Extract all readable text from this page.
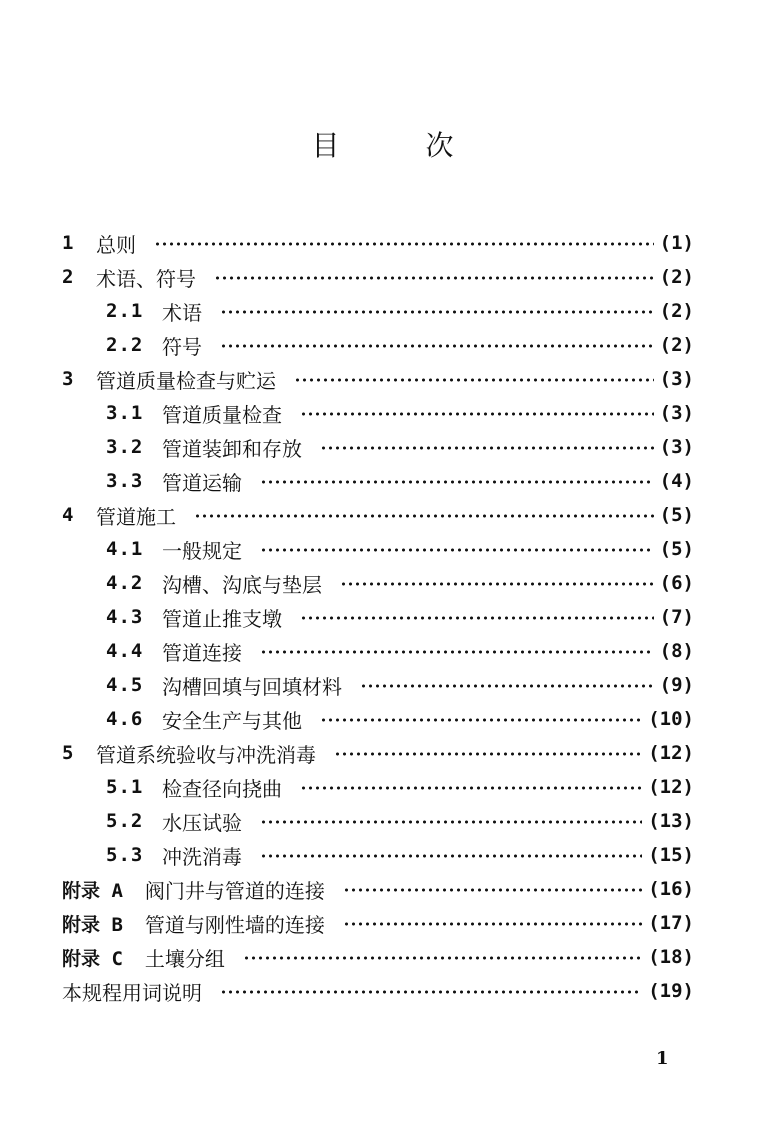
目	次
1	总则	(1)
2	术语、符号	(2)
2.1 术语	(2)
2.2 符号	(2)
3	管道质量检查与贮运	(3)
3.1 管道质量检查	(3)
3.2 管道装卸和存放	(3)
3.3 管道运输	(4)
4	管道施工	(5)
4.1 一般规定	(5)
4.2 沟槽、沟底与垫层	(6)
4.3 管道止推支墩	(7)
4.4 管道连接	(8)
4.5 沟槽回填与回填材料	(9)
4.6 安全生产与其他	(10)
5	管道系统验收与冲洗消毒	(12)
5.1 检查径向挠曲	(12)
5.2 水压试验	(13)
5.3 冲洗消毒	(15)
附录 A 阀门井与管道的连接	(16)
附录 B 管道与刚性墙的连接	(17)
附录 C 土壤分组	(18)
本规程用词说明	(19)
1
